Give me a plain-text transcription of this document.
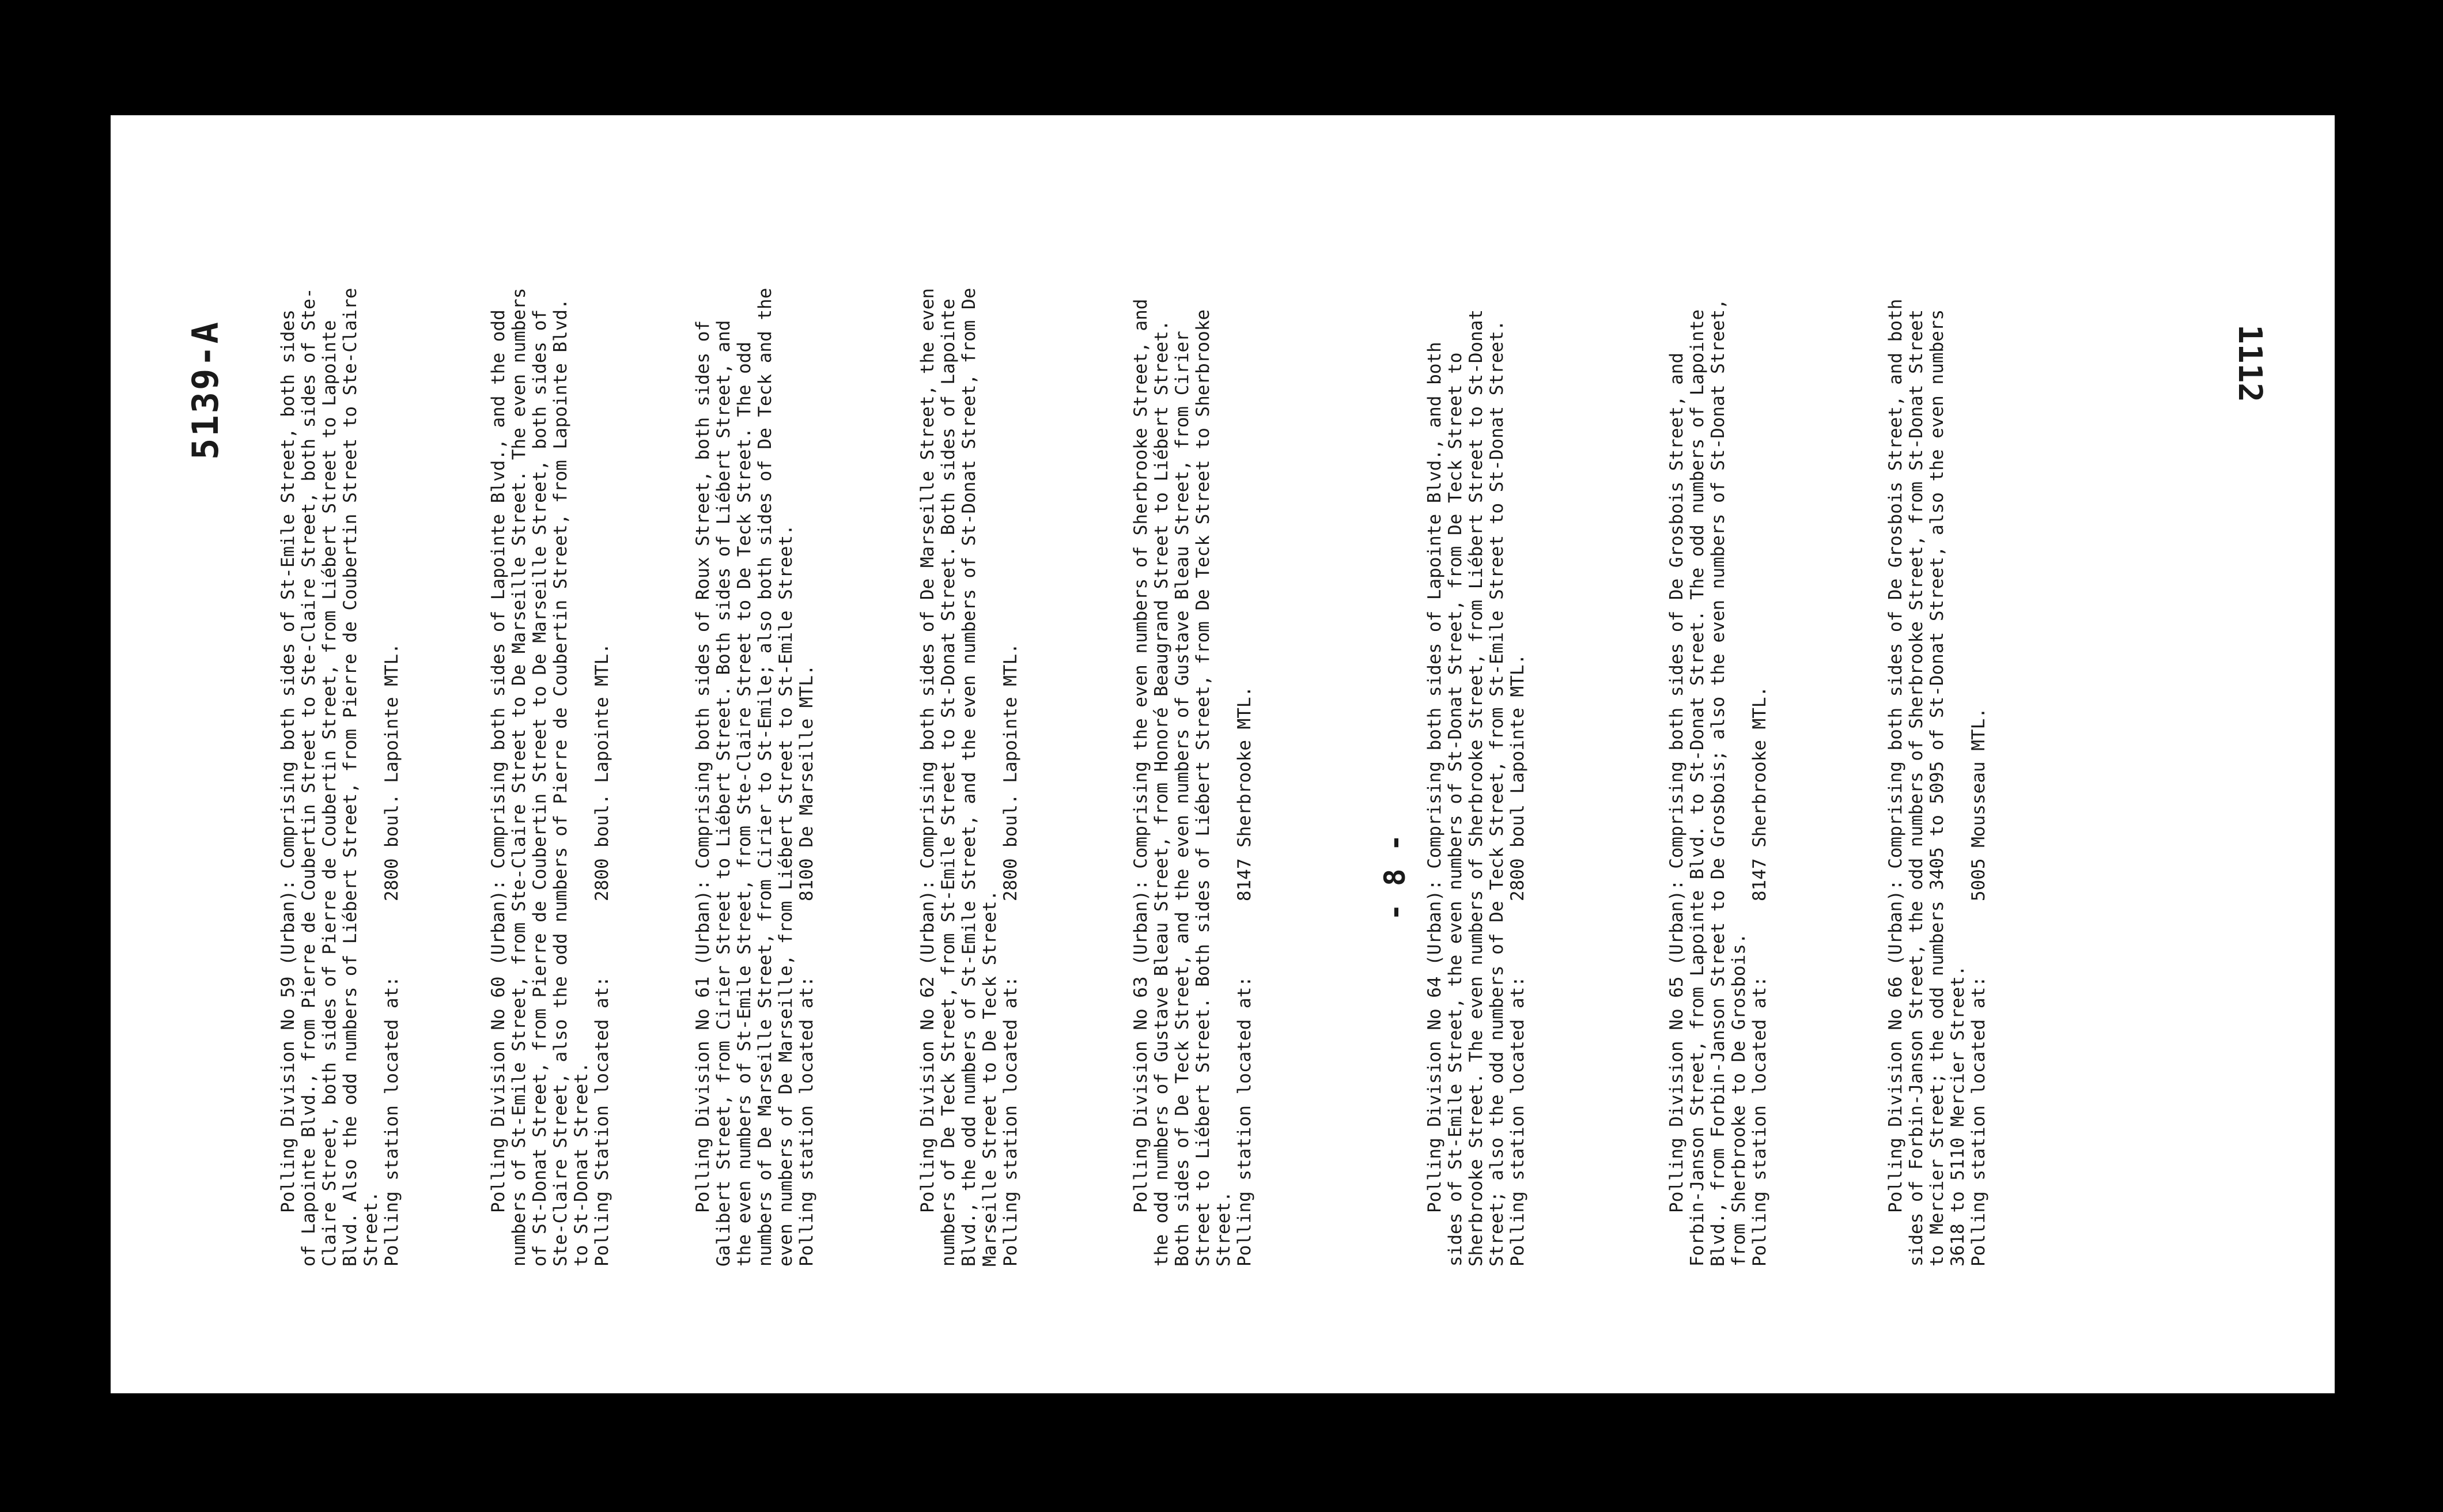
5139-A	Polling Division No 59 (Urban): Comprising both sides of St-Emile Street, both sides of Lapointe Blvd., from Pierre de Coubertin Street to Ste-Claire Street, both sides of Ste-Claire Street, both sides of Pierre de Coubertin Street, from Liébert Street to Lapointe Blvd. Also the odd numbers of Liébert Street, from Pierre de Coubertin Street to Ste-Claire Street. Polling station located at:
2800 boul. Lapointe MTL.	Polling Division No 60 (Urban): Comprising both sides of Lapointe Blvd., and the odd numbers of St-Emile Street, from Ste-Claire Street to De Marseille Street. The even numbers of St-Donat Street, from Pierre de Coubertin Street to De Marseille Street, both sides of Ste-Claire Street, also the odd numbers of Pierre de Coubertin Street, from Lapointe Blvd. to St-Donat Street. Polling Station located at:
2800 boul. Lapointe MTL.	Polling Division No 61 (Urban): Comprising both sides of Roux Street, both sides of Galibert Street, from Cirier Street to Liébert Street. Both sides of Liébert Street, and the even numbers of St-Emile Street, from Ste-Claire Street to De Teck Street. The odd numbers of De Marseille Street, from Cirier to St-Emile; also both sides of De Teck and the even numbers of De Marseille, from Liébert Street to St-Emile Street. Polling station located at:
8100 De Marseille MTL.	Polling Division No 62 (Urban): Comprising both sides of De Marseille Street, the even numbers of De Teck Street, from St-Emile Street to St-Donat Street. Both sides of Lapointe Blvd., the odd numbers of St-Emile Street, and the even numbers of St-Donat Street, from De Marseille Street to De Teck Street. Polling station located at:
2800 boul. Lapointe MTL.	Polling Division No 63 (Urban): Comprising the even numbers of Sherbrooke Street, and the odd numbers of Gustave Bleau Street, from Honoré Beaugrand Street to Liébert Street. Both sides of De Teck Street, and the even numbers of Gustave Bleau Street, from Cirier Street to Liébert Street. Both sides of Liébert Street, from De Teck Street to Sherbrooke Street. Polling station located at:
8147 Sherbrooke MTL.	- 8 - Polling Division No 64 (Urban): Comprising both sides of Lapointe Blvd., and both sides of St-Emile Street, the even numbers of St-Donat Street, from De Teck Street to Sherbrooke Street. The even numbers of Sherbrooke Street, from Liébert Street to St-Donat Street; also the odd numbers of De Teck Street, from St-Emile Street to St-Donat Street. Polling station located at:
2800 boul Lapointe MTL.	Polling Division No 65 (Urban): Comprising both sides of De Grosbois Street, and Forbin-Janson Street, from Lapointe Blvd. to St-Donat Street. The odd numbers of Lapointe Blvd., from Forbin-Janson Street to De Grosbois; also the even numbers of St-Donat Street, from Sherbrooke to De Grosbois. Polling station located at:
8147 Sherbrooke MTL.	Polling Division No 66 (Urban): Comprising both sides of De Grosbois Street, and both sides of Forbin-Janson Street, the odd numbers of Sherbrooke Street, from St-Donat Street to Mercier Street; the odd numbers 3405 to 5095 of St-Donat Street, also the even numbers 3618 to 5110 Mercier Street. Polling station located at:
5005 Mousseau MTL.
1112
